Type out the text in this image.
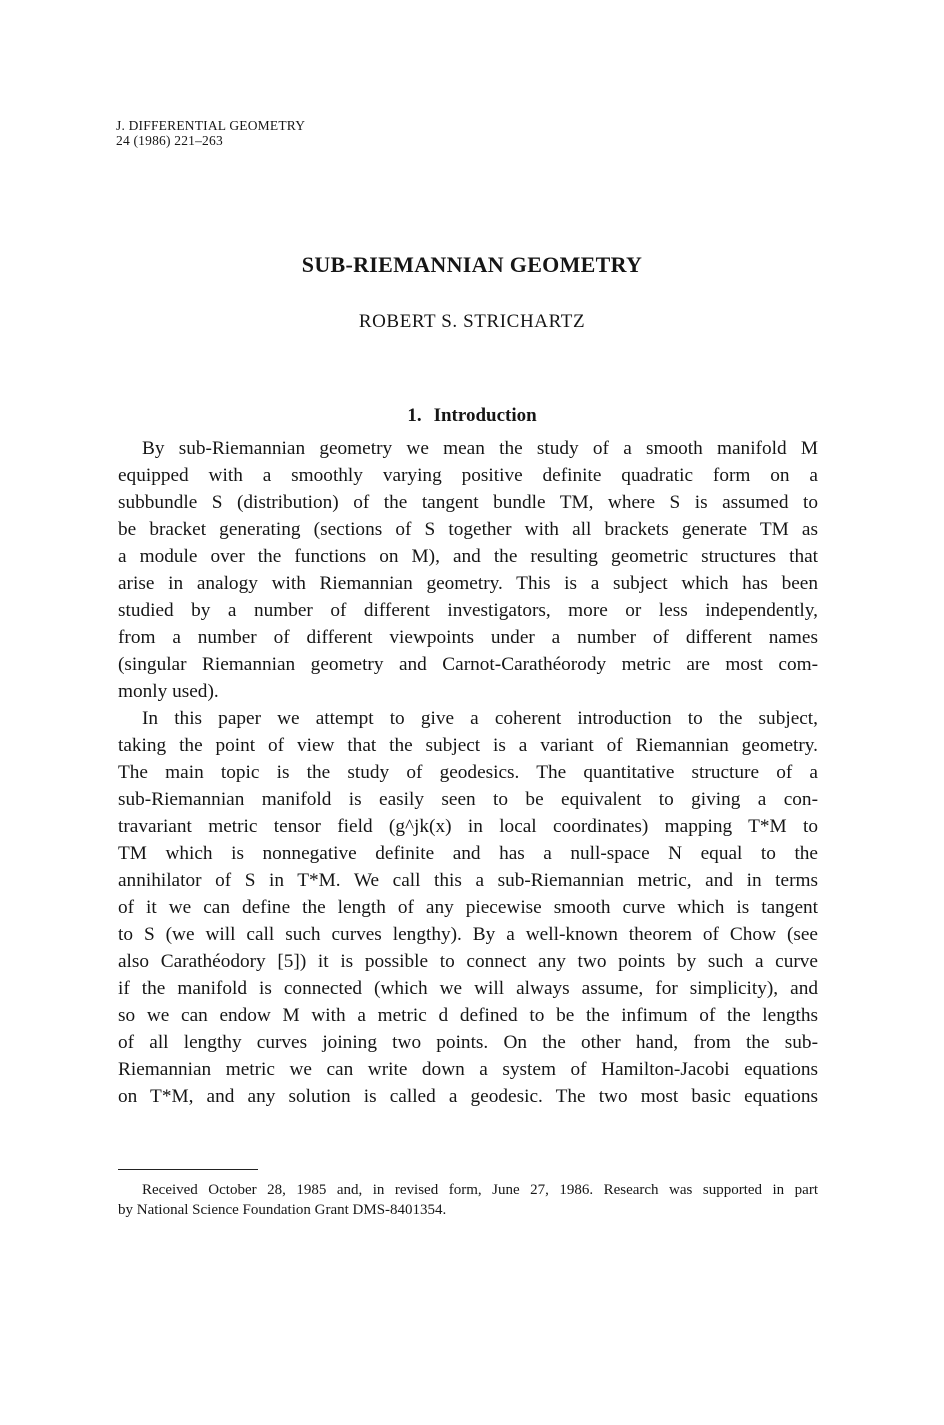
J. DIFFERENTIAL GEOMETRY
24 (1986) 221–263
SUB-RIEMANNIAN GEOMETRY
ROBERT S. STRICHARTZ
1. Introduction
By sub-Riemannian geometry we mean the study of a smooth manifold M
equipped with a smoothly varying positive definite quadratic form on a
subbundle S (distribution) of the tangent bundle TM, where S is assumed to
be bracket generating (sections of S together with all brackets generate TM as
a module over the functions on M), and the resulting geometric structures that
arise in analogy with Riemannian geometry. This is a subject which has been
studied by a number of different investigators, more or less independently,
from a number of different viewpoints under a number of different names
(singular Riemannian geometry and Carnot-Carathéorody metric are most com-
monly used).
In this paper we attempt to give a coherent introduction to the subject,
taking the point of view that the subject is a variant of Riemannian geometry.
The main topic is the study of geodesics. The quantitative structure of a
sub-Riemannian manifold is easily seen to be equivalent to giving a con-
travariant metric tensor field (g^jk(x) in local coordinates) mapping T*M to
TM which is nonnegative definite and has a null-space N equal to the
annihilator of S in T*M. We call this a sub-Riemannian metric, and in terms
of it we can define the length of any piecewise smooth curve which is tangent
to S (we will call such curves lengthy). By a well-known theorem of Chow (see
also Carathéodory [5]) it is possible to connect any two points by such a curve
if the manifold is connected (which we will always assume, for simplicity), and
so we can endow M with a metric d defined to be the infimum of the lengths
of all lengthy curves joining two points. On the other hand, from the sub-
Riemannian metric we can write down a system of Hamilton-Jacobi equations
on T*M, and any solution is called a geodesic. The two most basic equations
Received October 28, 1985 and, in revised form, June 27, 1986. Research was supported in part
by National Science Foundation Grant DMS-8401354.
